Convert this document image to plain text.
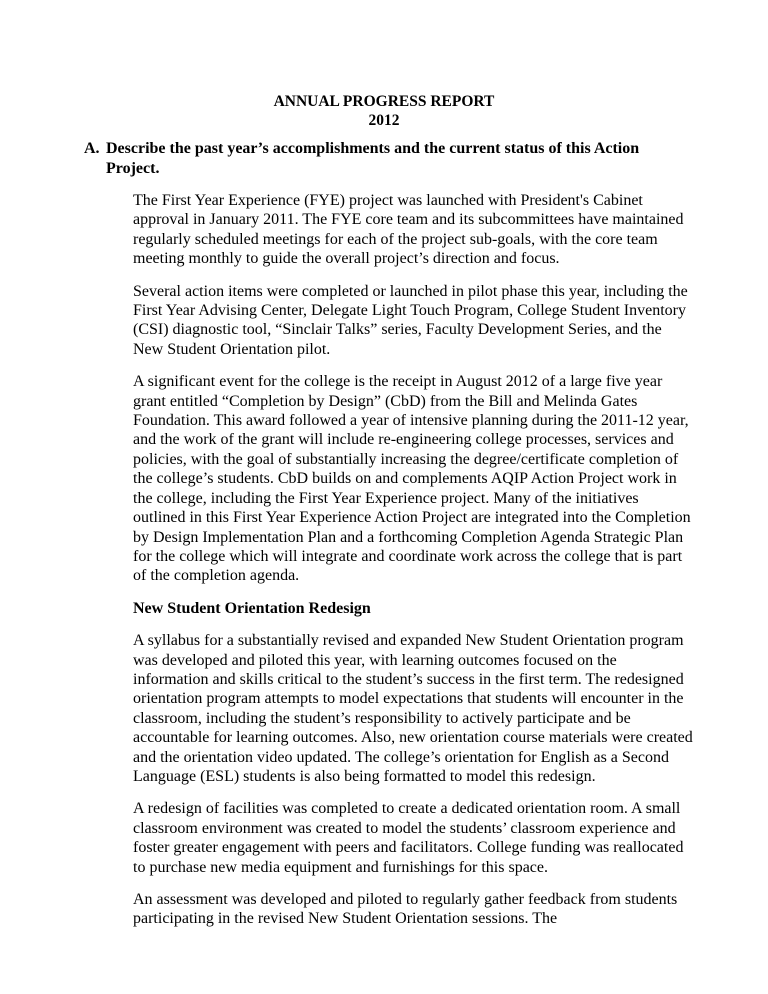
ANNUAL PROGRESS REPORT
2012
A. Describe the past year’s accomplishments and the current status of this Action Project.

The First Year Experience (FYE) project was launched with President's Cabinet approval in January 2011. The FYE core team and its subcommittees have maintained regularly scheduled meetings for each of the project sub-goals, with the core team meeting monthly to guide the overall project’s direction and focus.

Several action items were completed or launched in pilot phase this year, including the First Year Advising Center, Delegate Light Touch Program, College Student Inventory (CSI) diagnostic tool, “Sinclair Talks” series, Faculty Development Series, and the New Student Orientation pilot.

A significant event for the college is the receipt in August 2012 of a large five year grant entitled “Completion by Design” (CbD) from the Bill and Melinda Gates Foundation. This award followed a year of intensive planning during the 2011-12 year, and the work of the grant will include re-engineering college processes, services and policies, with the goal of substantially increasing the degree/certificate completion of the college’s students. CbD builds on and complements AQIP Action Project work in the college, including the First Year Experience project. Many of the initiatives outlined in this First Year Experience Action Project are integrated into the Completion by Design Implementation Plan and a forthcoming Completion Agenda Strategic Plan for the college which will integrate and coordinate work across the college that is part of the completion agenda.

New Student Orientation Redesign

A syllabus for a substantially revised and expanded New Student Orientation program was developed and piloted this year, with learning outcomes focused on the information and skills critical to the student’s success in the first term. The redesigned orientation program attempts to model expectations that students will encounter in the classroom, including the student’s responsibility to actively participate and be accountable for learning outcomes. Also, new orientation course materials were created and the orientation video updated. The college’s orientation for English as a Second Language (ESL) students is also being formatted to model this redesign.

A redesign of facilities was completed to create a dedicated orientation room. A small classroom environment was created to model the students’ classroom experience and foster greater engagement with peers and facilitators. College funding was reallocated to purchase new media equipment and furnishings for this space.

An assessment was developed and piloted to regularly gather feedback from students participating in the revised New Student Orientation sessions. The
